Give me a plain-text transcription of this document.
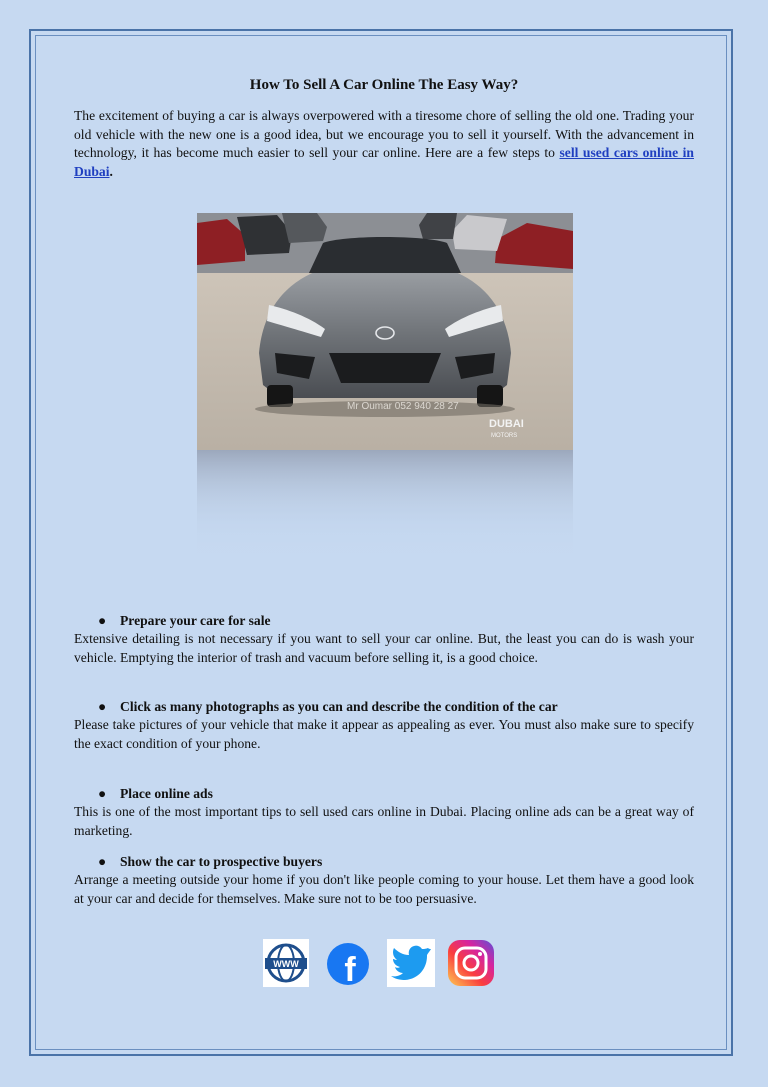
How To Sell A Car Online The Easy Way?

The excitement of buying a car is always overpowered with a tiresome chore of selling the old one. Trading your old vehicle with the new one is a good idea, but we encourage you to sell it yourself. With the advancement in technology, it has become much easier to sell your car online. Here are a few steps to sell used cars online in Dubai.

● Prepare your care for sale

Extensive detailing is not necessary if you want to sell your car online. But, the least you can do is wash your vehicle. Emptying the interior of trash and vacuum before selling it, is a good choice.

● Click as many photographs as you can and describe the condition of the car

Please take pictures of your vehicle that make it appear as appealing as ever. You must also make sure to specify the exact condition of your phone.

● Place online ads

This is one of the most important tips to sell used cars online in Dubai. Placing online ads can be a great way of marketing.

● Show the car to prospective buyers

Arrange a meeting outside your home if you don't like people coming to your house. Let them have a good look at your car and decide for themselves. Make sure not to be too persuasive.

Mr Oumar 052 940 28 27
DUBAI
MOTORS
WWW f
